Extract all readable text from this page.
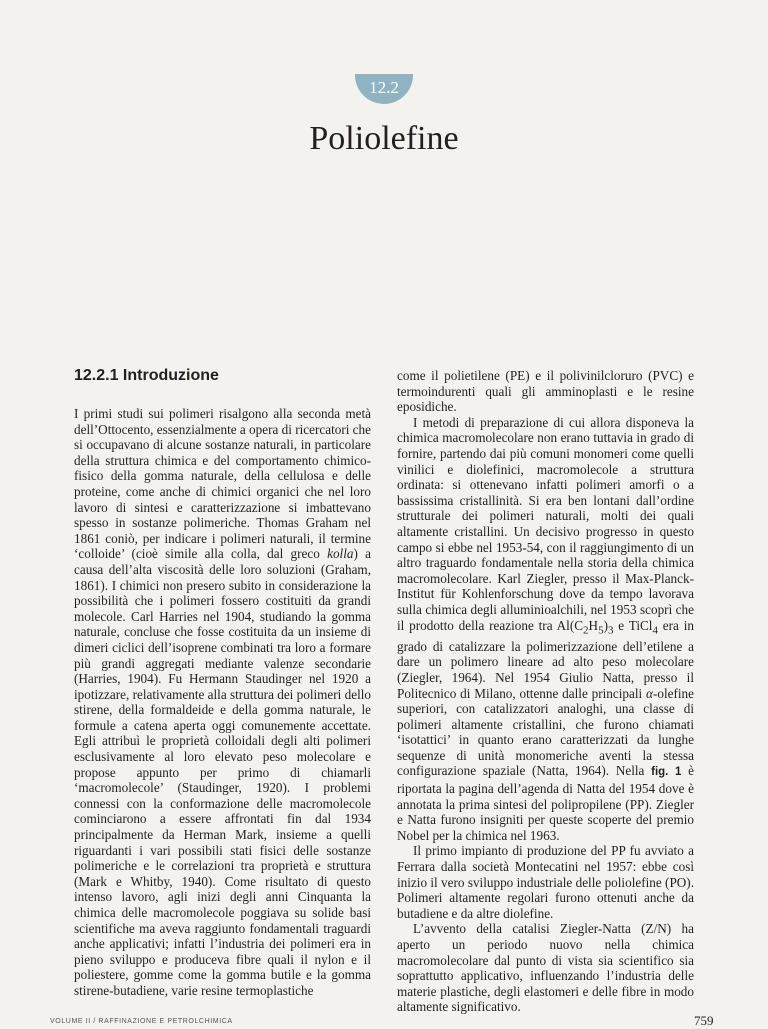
12.2
Poliolefine
12.2.1 Introduzione

I primi studi sui polimeri risalgono alla seconda metà dell’Ottocento, essenzialmente a opera di ricercatori che si occupavano di alcune sostanze naturali, in particolare della struttura chimica e del comportamento chimico-fisico della gomma naturale, della cellulosa e delle proteine, come anche di chimici organici che nel loro lavoro di sintesi e caratterizzazione si imbattevano spesso in sostanze polimeriche. Thomas Graham nel 1861 coniò, per indicare i polimeri naturali, il termine ‘colloide’ (cioè simile alla colla, dal greco kolla) a causa dell’alta viscosità delle loro soluzioni (Graham, 1861). I chimici non presero subito in considerazione la possibilità che i polimeri fossero costituiti da grandi molecole. Carl Harries nel 1904, studiando la gomma naturale, concluse che fosse costituita da un insieme di dimeri ciclici dell’isoprene combinati tra loro a formare più grandi aggregati mediante valenze secondarie (Harries, 1904). Fu Hermann Staudinger nel 1920 a ipotizzare, relativamente alla struttura dei polimeri dello stirene, della formaldeide e della gomma naturale, le formule a catena aperta oggi comunemente accettate. Egli attribuì le proprietà colloidali degli alti polimeri esclusivamente al loro elevato peso molecolare e propose appunto per primo di chiamarli ‘macromolecole’ (Staudinger, 1920). I problemi connessi con la conformazione delle macromolecole cominciarono a essere affrontati fin dal 1934 principalmente da Herman Mark, insieme a quelli riguardanti i vari possibili stati fisici delle sostanze polimeriche e le correlazioni tra proprietà e struttura (Mark e Whitby, 1940). Come risultato di questo intenso lavoro, agli inizi degli anni Cinquanta la chimica delle macromolecole poggiava su solide basi scientifiche ma aveva raggiunto fondamentali traguardi anche applicativi; infatti l’industria dei polimeri era in pieno sviluppo e produceva fibre quali il nylon e il poliestere, gomme come la gomma butile e la gomma stirene-butadiene, varie resine termoplastiche

come il polietilene (PE) e il polivinilcloruro (PVC) e termoindurenti quali gli amminoplasti e le resine eposidiche.

I metodi di preparazione di cui allora disponeva la chimica macromolecolare non erano tuttavia in grado di fornire, partendo dai più comuni monomeri come quelli vinilici e diolefinici, macromolecole a struttura ordinata: si ottenevano infatti polimeri amorfi o a bassissima cristallinità. Si era ben lontani dall’ordine strutturale dei polimeri naturali, molti dei quali altamente cristallini. Un decisivo progresso in questo campo si ebbe nel 1953-54, con il raggiungimento di un altro traguardo fondamentale nella storia della chimica macromolecolare. Karl Ziegler, presso il Max-Planck-Institut für Kohlenforschung dove da tempo lavorava sulla chimica degli alluminioalchili, nel 1953 scoprì che il prodotto della reazione tra $Al(C_2H_5)_3$ e TiCl$_4$ era in grado di catalizzare la polimerizzazione dell’etilene a dare un polimero lineare ad alto peso molecolare (Ziegler, 1964). Nel 1954 Giulio Natta, presso il Politecnico di Milano, ottenne dalle principali α-olefine superiori, con catalizzatori analoghi, una classe di polimeri altamente cristallini, che furono chiamati ‘isotattici’ in quanto erano caratterizzati da lunghe sequenze di unità monomeriche aventi la stessa configurazione spaziale (Natta, 1964). Nella fig. 1 è riportata la pagina dell’agenda di Natta del 1954 dove è annotata la prima sintesi del polipropilene (PP). Ziegler e Natta furono insigniti per queste scoperte del premio Nobel per la chimica nel 1963.

Il primo impianto di produzione del PP fu avviato a Ferrara dalla società Montecatini nel 1957: ebbe così inizio il vero sviluppo industriale delle poliolefine (PO). Polimeri altamente regolari furono ottenuti anche da butadiene e da altre diolefine.

L’avvento della catalisi Ziegler-Natta (Z/N) ha aperto un periodo nuovo nella chimica macromolecolare dal punto di vista sia scientifico sia soprattutto applicativo, influenzando l’industria delle materie plastiche, degli elastomeri e delle fibre in modo altamente significativo.

VOLUME II / RAFFINAZIONE E PETROLCHIMICA	759
